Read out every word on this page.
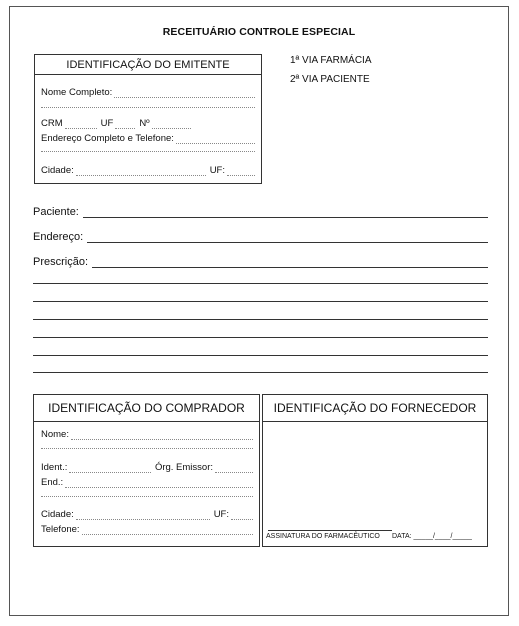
RECEITUÁRIO CONTROLE ESPECIAL
IDENTIFICAÇÃO DO EMITENTE
Nome Completo:
CRM	UF	Nº
Endereço Completo e Telefone:
Cidade:	UF:
1ª VIA FARMÁCIA
2ª VIA PACIENTE
Paciente:
Endereço:
Prescrição:
IDENTIFICAÇÃO DO COMPRADOR
Nome:
Ident.:	Órg. Emissor:
End.:
Cidade:	UF:
Telefone:
IDENTIFICAÇÃO DO FORNECEDOR
ASSINATURA DO FARMACÊUTICO DATA: _____/____/_____
